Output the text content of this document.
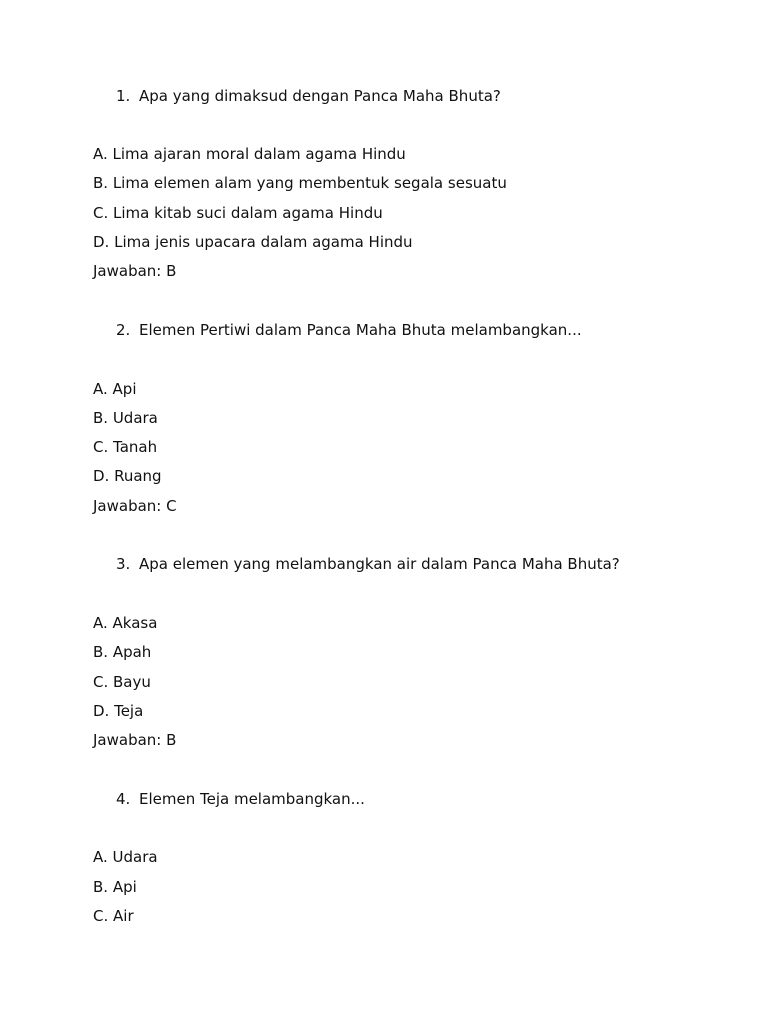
1. Apa yang dimaksud dengan Panca Maha Bhuta?
A. Lima ajaran moral dalam agama Hindu
B. Lima elemen alam yang membentuk segala sesuatu
C. Lima kitab suci dalam agama Hindu
D. Lima jenis upacara dalam agama Hindu
Jawaban: B
2. Elemen Pertiwi dalam Panca Maha Bhuta melambangkan...
A. Api
B. Udara
C. Tanah
D. Ruang
Jawaban: C
3. Apa elemen yang melambangkan air dalam Panca Maha Bhuta?
A. Akasa
B. Apah
C. Bayu
D. Teja
Jawaban: B
4. Elemen Teja melambangkan...
A. Udara
B. Api
C. Air
